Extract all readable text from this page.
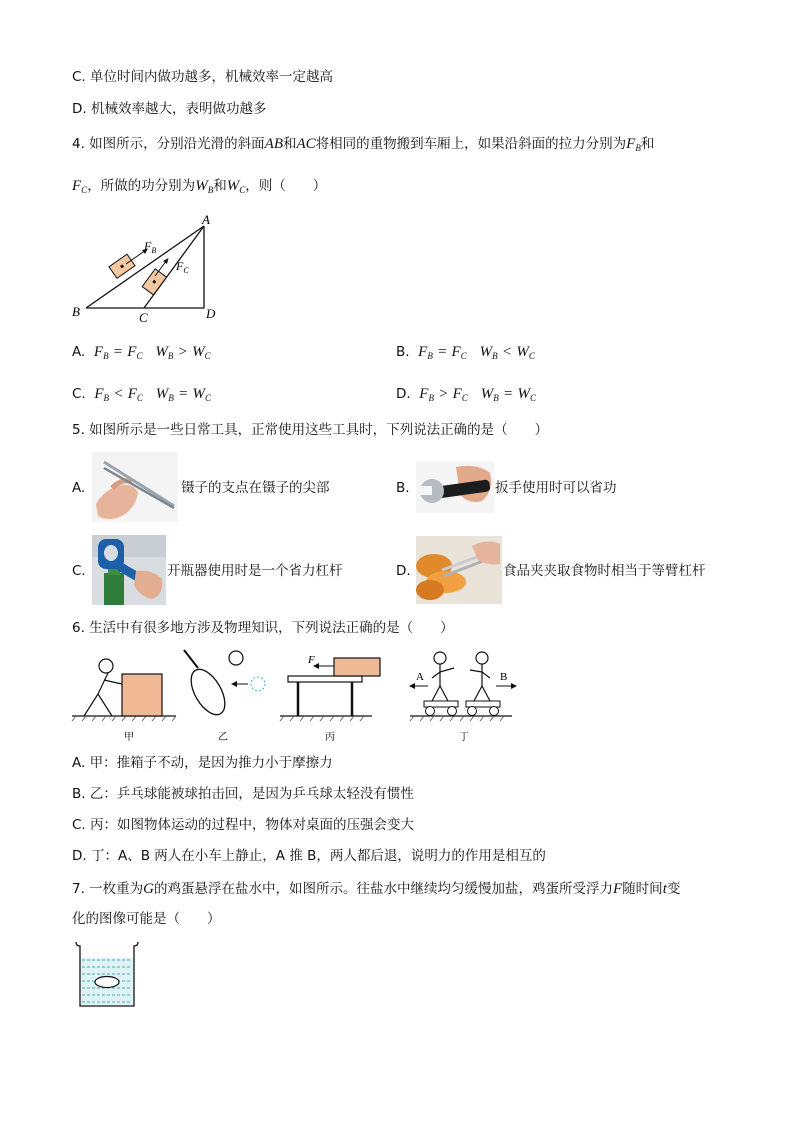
C. 单位时间内做功越多，机械效率一定越高
D. 机械效率越大，表明做功越多
4. 如图所示，分别沿光滑的斜面AB和AC将相同的重物搬到车厢上，如果沿斜面的拉力分别为$F_B$和
$F_C$，所做的功分别为$W_B$和$W_C$，则（　　）
A
B	C	D
$F_B$
$F_C$
A. $F_B = F_C$ $W_B > W_C$	B. $F_B = F_C$ $W_B < W_C$
C. $F_B < F_C$ $W_B = W_C$	D. $F_B > F_C$ $W_B = W_C$
5. 如图所示是一些日常工具，正常使用这些工具时，下列说法正确的是（　　）
A.	镊子的支点在镊子的尖部	B.	扳手使用时可以省功
C.	开瓶器使用时是一个省力杠杆	D.	食品夹夹取食物时相当于等臂杠杆
6. 生活中有很多地方涉及物理知识，下列说法正确的是（　　）
甲	乙
F
丙
A	B
丁
A. 甲：推箱子不动，是因为推力小于摩擦力
B. 乙：乒乓球能被球拍击回，是因为乒乓球太轻没有惯性
C. 丙：如图物体运动的过程中，物体对桌面的压强会变大
D. 丁：A、B 两人在小车上静止，A 推 B，两人都后退，说明力的作用是相互的
7. 一枚重为G的鸡蛋悬浮在盐水中，如图所示。往盐水中继续均匀缓慢加盐，鸡蛋所受浮力F随时间t变
化的图像可能是（　　）
